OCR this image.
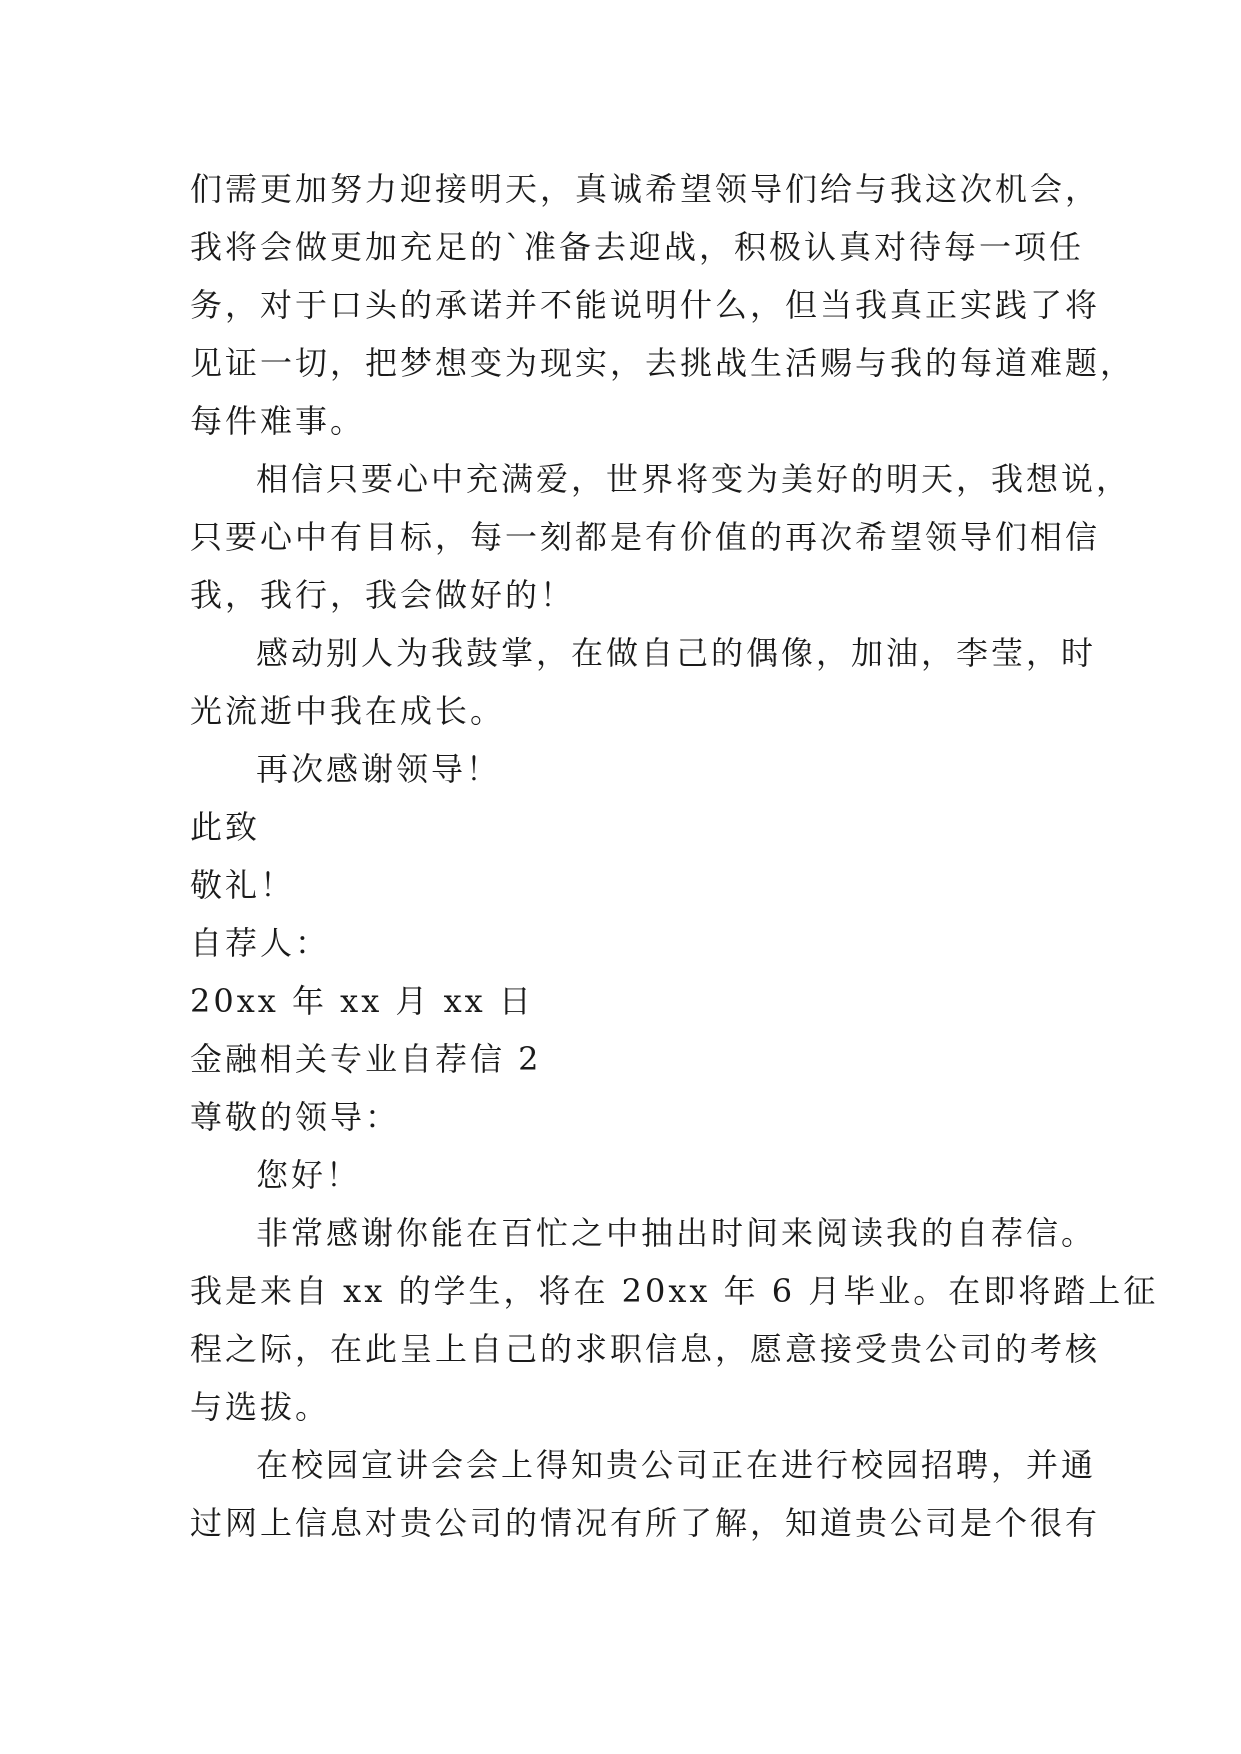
们需更加努力迎接明天，真诚希望领导们给与我这次机会，
我将会做更加充足的`准备去迎战，积极认真对待每一项任
务，对于口头的承诺并不能说明什么，但当我真正实践了将
见证一切，把梦想变为现实，去挑战生活赐与我的每道难题，
每件难事。
相信只要心中充满爱，世界将变为美好的明天，我想说，
只要心中有目标，每一刻都是有价值的再次希望领导们相信
我，我行，我会做好的！
感动别人为我鼓掌，在做自己的偶像，加油，李莹，时
光流逝中我在成长。
再次感谢领导！
此致
敬礼！
自荐人：
20xx 年 xx 月 xx 日
金融相关专业自荐信 2
尊敬的领导：
您好！
非常感谢你能在百忙之中抽出时间来阅读我的自荐信。
我是来自 xx 的学生，将在 20xx 年 6 月毕业。在即将踏上征
程之际，在此呈上自己的求职信息，愿意接受贵公司的考核
与选拔。
在校园宣讲会会上得知贵公司正在进行校园招聘，并通
过网上信息对贵公司的情况有所了解，知道贵公司是个很有
